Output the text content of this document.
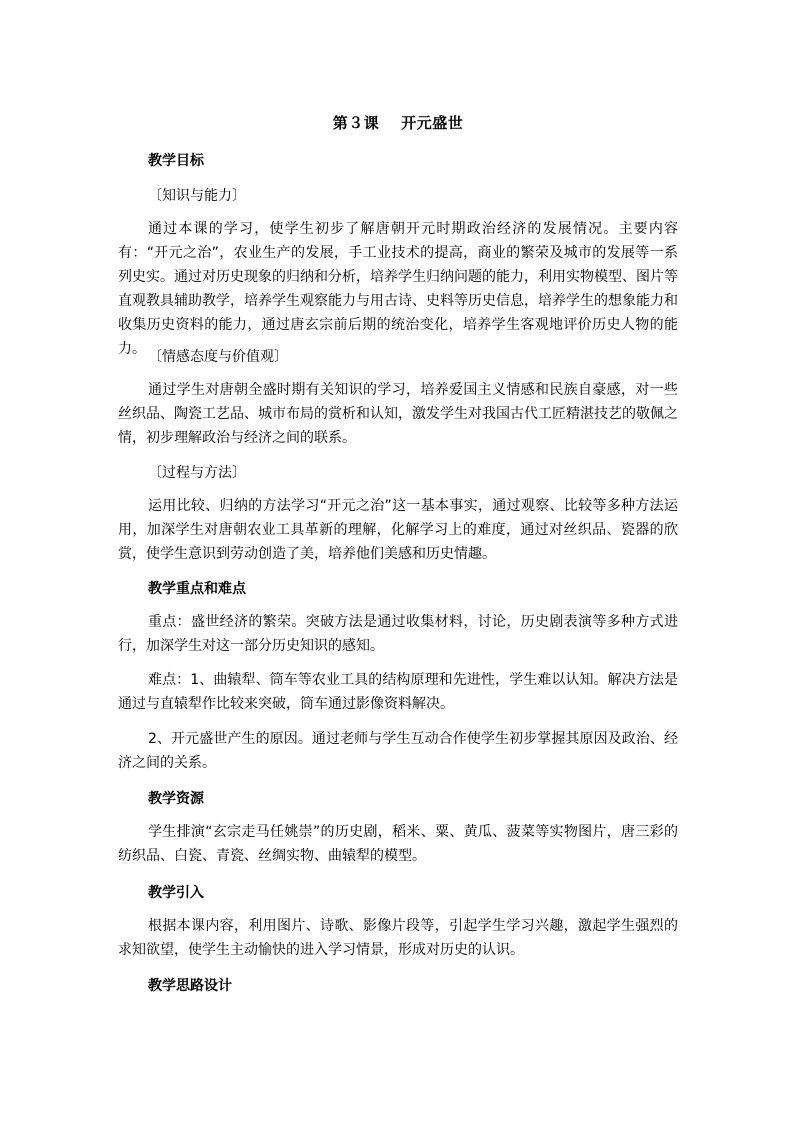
第３课 开元盛世
教学目标
〔知识与能力〕
通过本课的学习，使学生初步了解唐朝开元时期政治经济的发展情况。主要内容有：“开元之治”，农业生产的发展，手工业技术的提高，商业的繁荣及城市的发展等一系列史实。通过对历史现象的归纳和分析，培养学生归纳问题的能力，利用实物模型、图片等直观教具辅助教学，培养学生观察能力与用古诗、史料等历史信息，培养学生的想象能力和收集历史资料的能力，通过唐玄宗前后期的统治变化，培养学生客观地评价历史人物的能力。 〔情感态度与价值观〕
通过学生对唐朝全盛时期有关知识的学习，培养爱国主义情感和民族自豪感，对一些丝织品、陶瓷工艺品、城市布局的赏析和认知，激发学生对我国古代工匠精湛技艺的敬佩之情，初步理解政治与经济之间的联系。
〔过程与方法〕
运用比较、归纳的方法学习“开元之治”这一基本事实，通过观察、比较等多种方法运用，加深学生对唐朝农业工具革新的理解，化解学习上的难度，通过对丝织品、瓷器的欣赏，使学生意识到劳动创造了美，培养他们美感和历史情趣。
教学重点和难点
重点：盛世经济的繁荣。突破方法是通过收集材料，讨论，历史剧表演等多种方式进行，加深学生对这一部分历史知识的感知。
难点：1、曲辕犁、筒车等农业工具的结构原理和先进性，学生难以认知。解决方法是通过与直辕犁作比较来突破，筒车通过影像资料解决。
2、开元盛世产生的原因。通过老师与学生互动合作使学生初步掌握其原因及政治、经济之间的关系。
教学资源
学生排演“玄宗走马任姚崇”的历史剧，稻米、粟、黄瓜、菠菜等实物图片，唐三彩的纺织品、白瓷、青瓷、丝绸实物、曲辕犁的模型。
教学引入
根据本课内容，利用图片、诗歌、影像片段等，引起学生学习兴趣，激起学生强烈的求知欲望，使学生主动愉快的进入学习情景，形成对历史的认识。
教学思路设计
